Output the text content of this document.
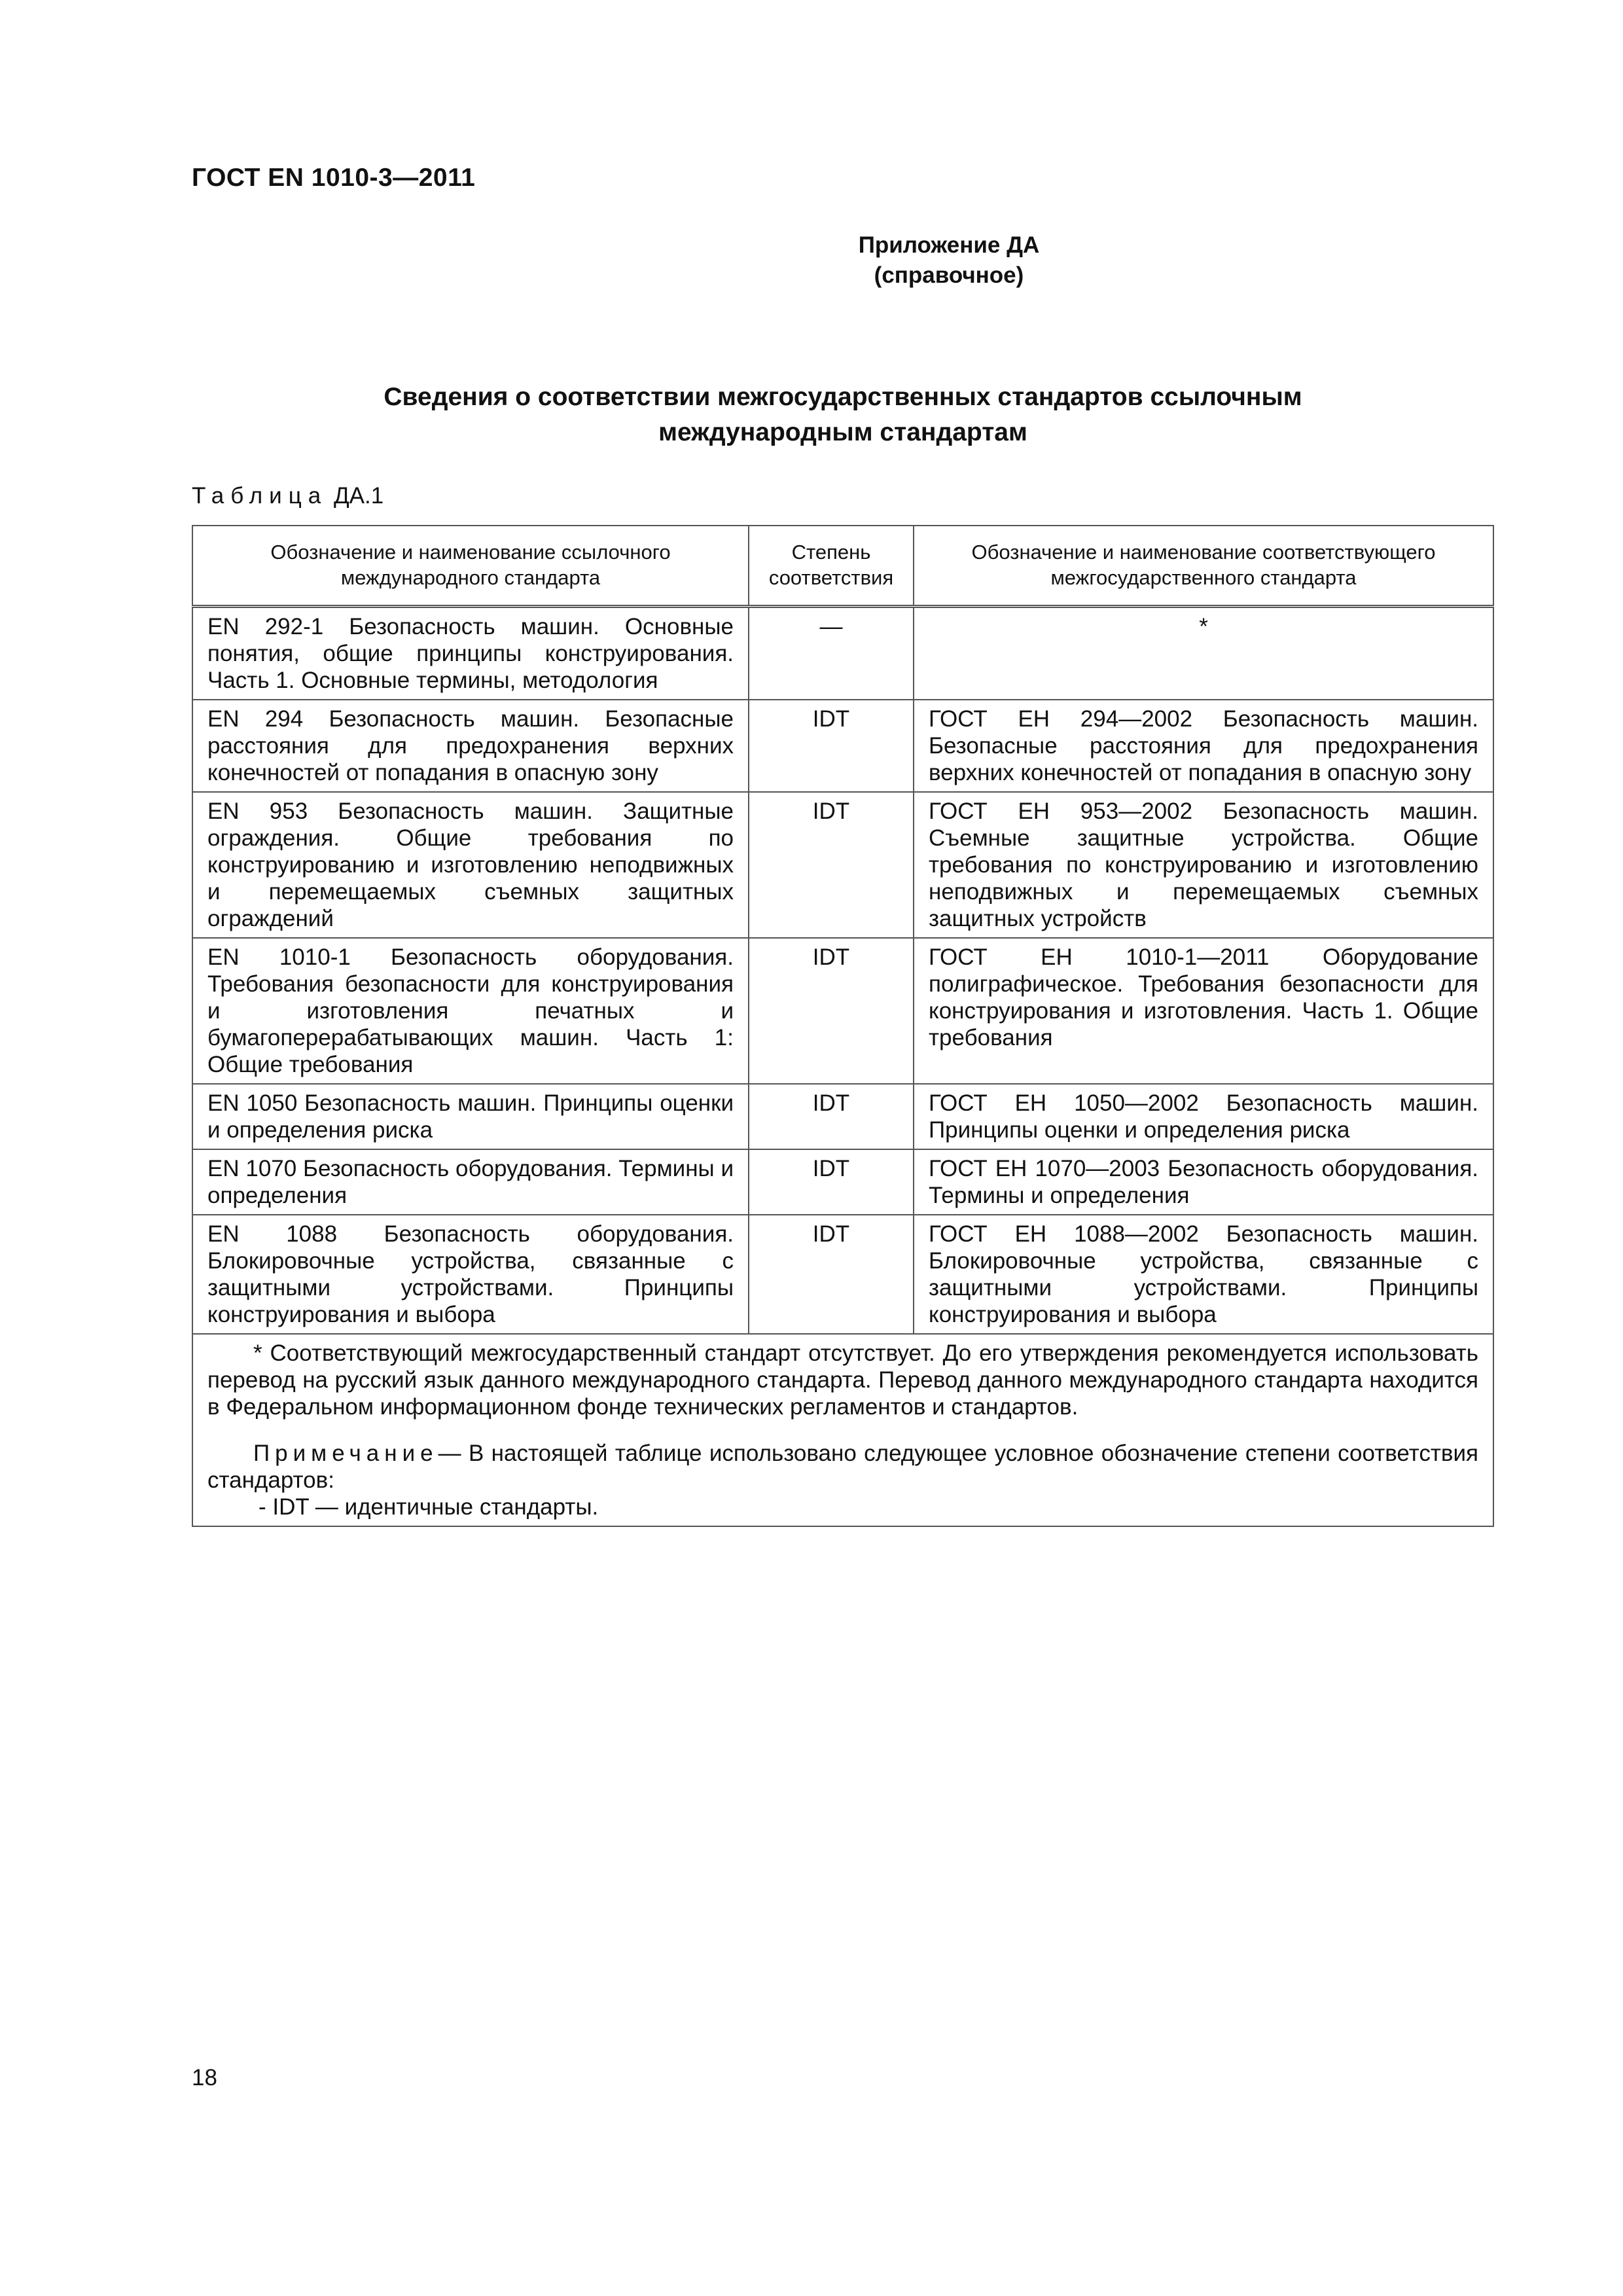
ГОСТ EN 1010-3—2011
Приложение ДА
(справочное)
Сведения о соответствии межгосударственных стандартов ссылочным
международным стандартам
Таблица ДА.1
Обозначение и наименование ссылочного международного стандарта	Степень соответствия	Обозначение и наименование соответствующего межгосударственного стандарта
EN 292-1 Безопасность машин. Основные понятия, общие принципы конструирования. Часть 1. Основные термины, методология	—	*
EN 294 Безопасность машин. Безопасные расстояния для предохранения верхних конечностей от попадания в опасную зону	IDT	ГОСТ ЕН 294—2002 Безопасность машин. Безопасные расстояния для предохранения верхних конечностей от попадания в опасную зону
EN 953 Безопасность машин. Защитные ограждения. Общие требования по конструированию и изготовлению неподвижных и перемещаемых съемных защитных ограждений	IDT	ГОСТ ЕН 953—2002 Безопасность машин. Съемные защитные устройства. Общие требования по конструированию и изготовлению неподвижных и перемещаемых съемных защитных устройств
EN 1010-1 Безопасность оборудования. Требования безопасности для конструирования и изготовления печатных и бумагоперерабатывающих машин. Часть 1: Общие требования	IDT	ГОСТ ЕН 1010-1—2011 Оборудование полиграфическое. Требования безопасности для конструирования и изготовления. Часть 1. Общие требования
EN 1050 Безопасность машин. Принципы оценки и определения риска	IDT	ГОСТ ЕН 1050—2002 Безопасность машин. Принципы оценки и определения риска
EN 1070 Безопасность оборудования. Термины и определения	IDT	ГОСТ ЕН 1070—2003 Безопасность оборудования. Термины и определения
EN 1088 Безопасность оборудования. Блокировочные устройства, связанные с защитными устройствами. Принципы конструирования и выбора	IDT	ГОСТ ЕН 1088—2002 Безопасность машин. Блокировочные устройства, связанные с защитными устройствами. Принципы конструирования и выбора

* Соответствующий межгосударственный стандарт отсутствует. До его утверждения рекомендуется использовать перевод на русский язык данного международного стандарта. Перевод данного международного стандарта находится в Федеральном информационном фонде технических регламентов и стандартов.

Примечание— В настоящей таблице использовано следующее условное обозначение степени соответствия стандартов:

- IDT — идентичные стандарты.		
18
